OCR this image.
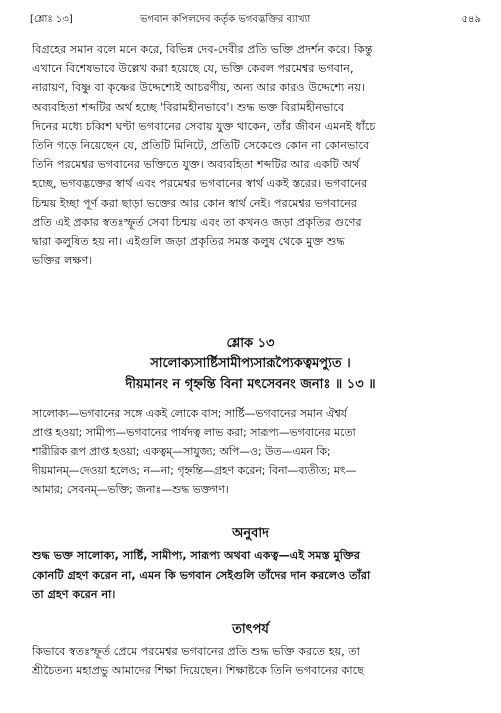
[শ্লোঃ ১৩]	ভগবান কপিলদেব কর্তৃক ভগবদ্ভক্তির ব্যাখ্যা	৫৪৯
বিগ্রহের সমান বলে মনে করে, বিভিন্ন দেব-দেবীর প্রতি ভক্তি প্রদর্শন করে। কিন্তু
এখানে বিশেষভাবে উল্লেখ করা হয়েছে যে, ভক্তি কেবল পরমেশ্বর ভগবান,
নারায়ণ, বিষ্ণু বা কৃষ্ণের উদ্দেশ্যেই আচরণীয়, অন্য আর কারও উদ্দেশ্যে নয়।
অব্যবহিতা শব্দটির অর্থ হচ্ছে 'বিরামহীনভাবে'। শুদ্ধ ভক্ত বিরামহীনভাবে
দিনের মধ্যে চব্বিশ ঘণ্টা ভগবানের সেবায় যুক্ত থাকেন, তাঁর জীবন এমনই ধাঁচে
তিনি গড়ে নিয়েছেন যে, প্রতিটি মিনিটে, প্রতিটি সেকেণ্ডে কোন না কোনভাবে
তিনি পরমেশ্বর ভগবানের ভক্তিতে যুক্ত। অব্যবহিতা শব্দটির আর একটি অর্থ
হচ্ছে, ভগবদ্ভক্তের স্বার্থ এবং পরমেশ্বর ভগবানের স্বার্থ একই স্তরের। ভগবানের
চিন্ময় ইচ্ছা পূর্ণ করা ছাড়া ভক্তের আর কোন স্বার্থ নেই। পরমেশ্বর ভগবানের
প্রতি এই প্রকার স্বতঃস্ফূর্ত সেবা চিন্ময় এবং তা কখনও জড়া প্রকৃতির গুণের
দ্বারা কলুষিত হয় না। এইগুলি জড়া প্রকৃতির সমস্ত কলুষ থেকে মুক্ত শুদ্ধ
ভক্তির লক্ষণ।
শ্লোক ১৩
সালোক্যসার্ষ্টিসামীপ্যসারূপ্যৈকত্বমপ্যুত ।
দীয়মানং ন গৃহ্নন্তি বিনা মৎসেবনং জনাঃ ॥ ১৩ ॥
সালোক্য—ভগবানের সঙ্গে একই লোকে বাস; সার্ষ্টি—ভগবানের সমান ঐশ্বর্য
প্রাপ্ত হওয়া; সামীপ্য—ভগবানের পার্ষদত্ব লাভ করা; সারূপ্য—ভগবানের মতো
শারীরিক রূপ প্রাপ্ত হওয়া; একত্বম্—সাযুজ্য; অপি—ও; উত—এমন কি;
দীয়মানম্—দেওয়া হলেও; ন—না; গৃহ্নন্তি—গ্রহণ করেন; বিনা—ব্যতীত; মৎ—
আমার; সেবনম্—ভক্তি; জনাঃ—শুদ্ধ ভক্তগণ।
অনুবাদ
শুদ্ধ ভক্ত সালোক্য, সার্ষ্টি, সামীপ্য, সারূপ্য অথবা একত্ব—এই সমস্ত মুক্তির
কোনটি গ্রহণ করেন না, এমন কি ভগবান সেইগুলি তাঁদের দান করলেও তাঁরা
তা গ্রহণ করেন না।
তাৎপর্য
কিভাবে স্বতঃস্ফূর্ত প্রেমে পরমেশ্বর ভগবানের প্রতি শুদ্ধ ভক্তি করতে হয়, তা
শ্রীচৈতন্য মহাপ্রভু আমাদের শিক্ষা দিয়েছেন। শিক্ষাষ্টকে তিনি ভগবানের কাছে
